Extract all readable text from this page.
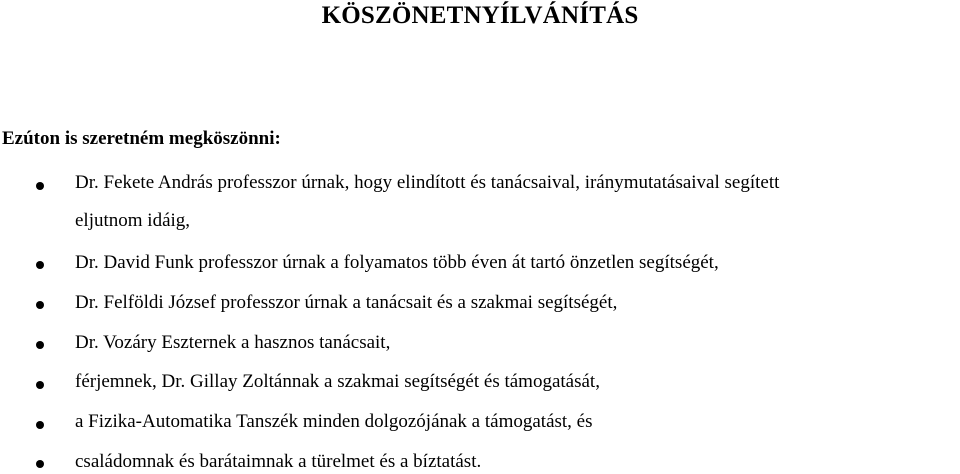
KÖSZÖNETNYÍLVÁNÍTÁS
Ezúton is szeretném megköszönni:
Dr. Fekete András professzor úrnak, hogy elindított és tanácsaival, iránymutatásaival segített
eljutnom idáig,
Dr. David Funk professzor úrnak a folyamatos több éven át tartó önzetlen segítségét,
Dr. Felföldi József professzor úrnak a tanácsait és a szakmai segítségét,
Dr. Vozáry Eszternek a hasznos tanácsait,
férjemnek, Dr. Gillay Zoltánnak a szakmai segítségét és támogatását,
a Fizika-Automatika Tanszék minden dolgozójának a támogatást, és
családomnak és barátaimnak a türelmet és a bíztatást.
